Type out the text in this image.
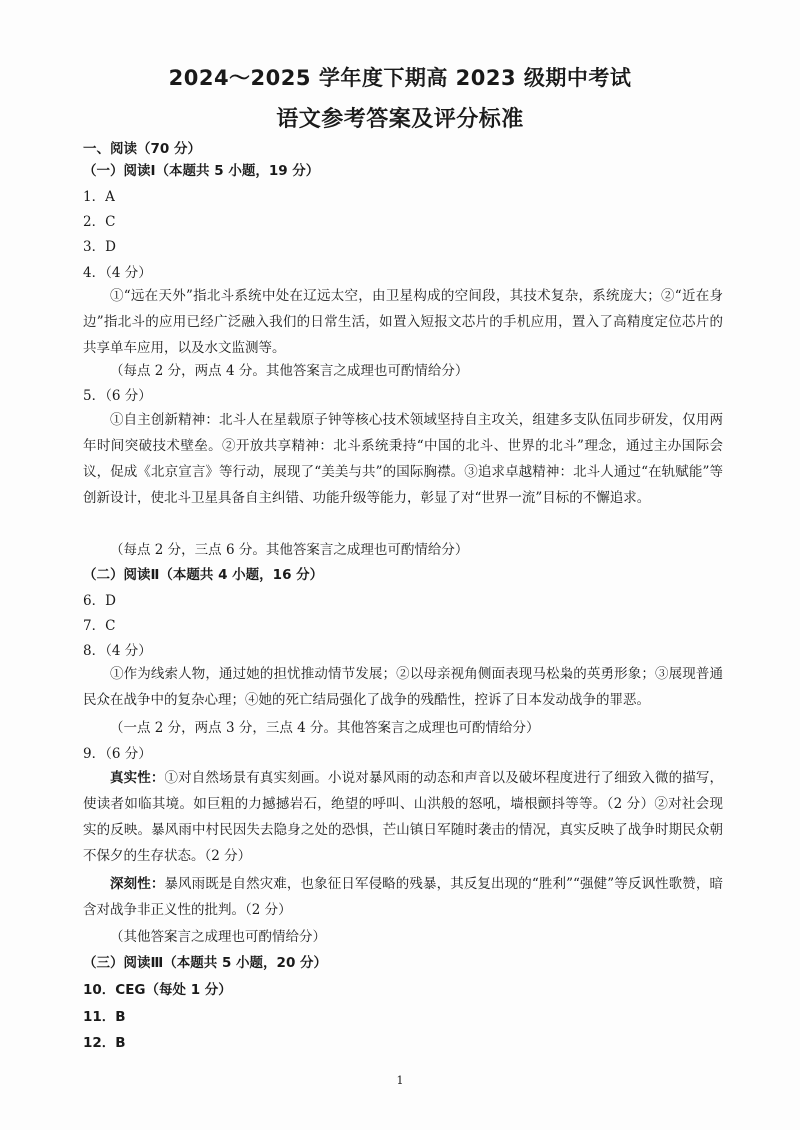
2024～2025 学年度下期高 2023 级期中考试
语文参考答案及评分标准
一、阅读（70 分）
（一）阅读Ⅰ（本题共 5 小题，19 分）
1．A
2．C
3．D
4．（4 分）
①“远在天外”指北斗系统中处在辽远太空，由卫星构成的空间段，其技术复杂，系统庞大；②“近在身边”指北斗的应用已经广泛融入我们的日常生活，如置入短报文芯片的手机应用，置入了高精度定位芯片的共享单车应用，以及水文监测等。
（每点 2 分，两点 4 分。其他答案言之成理也可酌情给分）
5．（6 分）
①自主创新精神：北斗人在星载原子钟等核心技术领域坚持自主攻关，组建多支队伍同步研发，仅用两年时间突破技术壁垒。②开放共享精神：北斗系统秉持“中国的北斗、世界的北斗”理念，通过主办国际会议，促成《北京宣言》等行动，展现了“美美与共”的国际胸襟。③追求卓越精神：北斗人通过“在轨赋能”等创新设计，使北斗卫星具备自主纠错、功能升级等能力，彰显了对“世界一流”目标的不懈追求。
（每点 2 分，三点 6 分。其他答案言之成理也可酌情给分）
（二）阅读Ⅱ（本题共 4 小题，16 分）
6．D
7．C
8．（4 分）
①作为线索人物，通过她的担忧推动情节发展；②以母亲视角侧面表现马松枭的英勇形象；③展现普通民众在战争中的复杂心理；④她的死亡结局强化了战争的残酷性，控诉了日本发动战争的罪恶。
（一点 2 分，两点 3 分，三点 4 分。其他答案言之成理也可酌情给分）
9．（6 分）
真实性：①对自然场景有真实刻画。小说对暴风雨的动态和声音以及破坏程度进行了细致入微的描写，使读者如临其境。如巨粗的力撼撼岩石，绝望的呼叫、山洪般的怒吼，墙根颤抖等等。（2 分）②对社会现实的反映。暴风雨中村民因失去隐身之处的恐惧，芒山镇日军随时袭击的情况，真实反映了战争时期民众朝不保夕的生存状态。（2 分）
深刻性：暴风雨既是自然灾难，也象征日军侵略的残暴，其反复出现的“胜利”“强健”等反讽性歌赞，暗含对战争非正义性的批判。（2 分）
（其他答案言之成理也可酌情给分）
（三）阅读Ⅲ（本题共 5 小题，20 分）
10．CEG（每处 1 分）
11．B
12．B
1
